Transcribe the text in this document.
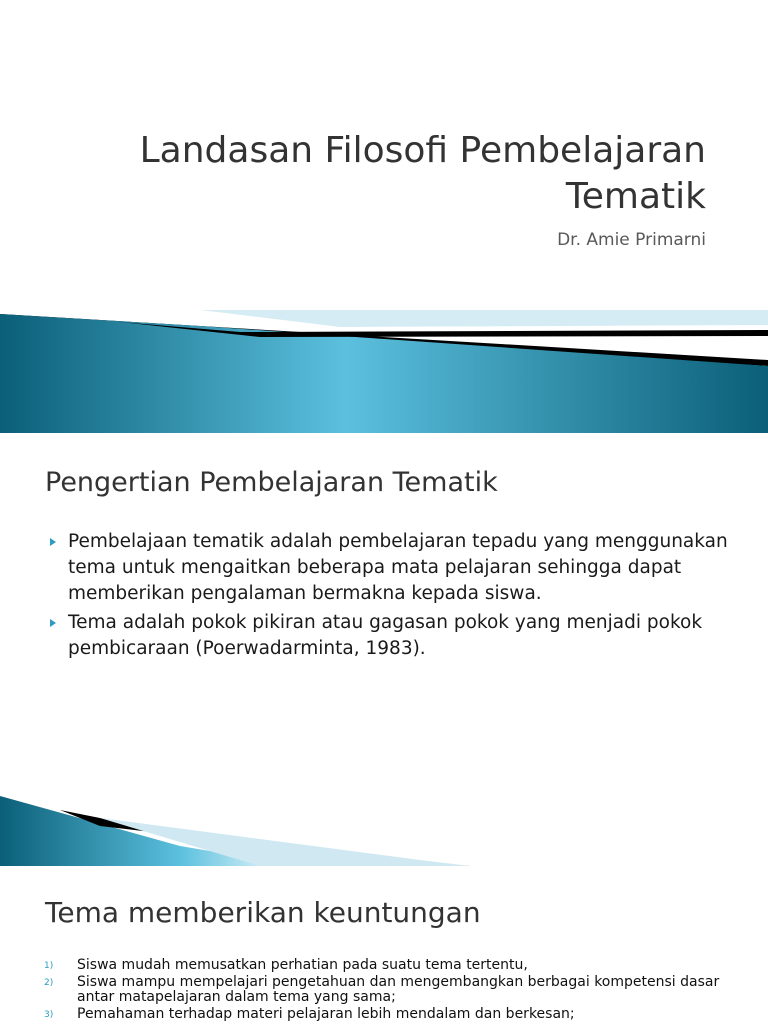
Landasan Filosofi Pembelajaran Tematik
Dr. Amie Primarni
Pengertian Pembelajaran Tematik
Pembelajaan tematik adalah pembelajaran tepadu yang menggunakan tema untuk mengaitkan beberapa mata pelajaran sehingga dapat memberikan pengalaman bermakna kepada siswa.
Tema adalah pokok pikiran atau gagasan pokok yang menjadi pokok pembicaraan (Poerwadarminta, 1983).
Tema memberikan keuntungan
1) Siswa mudah memusatkan perhatian pada suatu tema tertentu,
2) Siswa mampu mempelajari pengetahuan dan mengembangkan berbagai kompetensi dasar antar matapelajaran dalam tema yang sama;
3) Pemahaman terhadap materi pelajaran lebih mendalam dan berkesan;
